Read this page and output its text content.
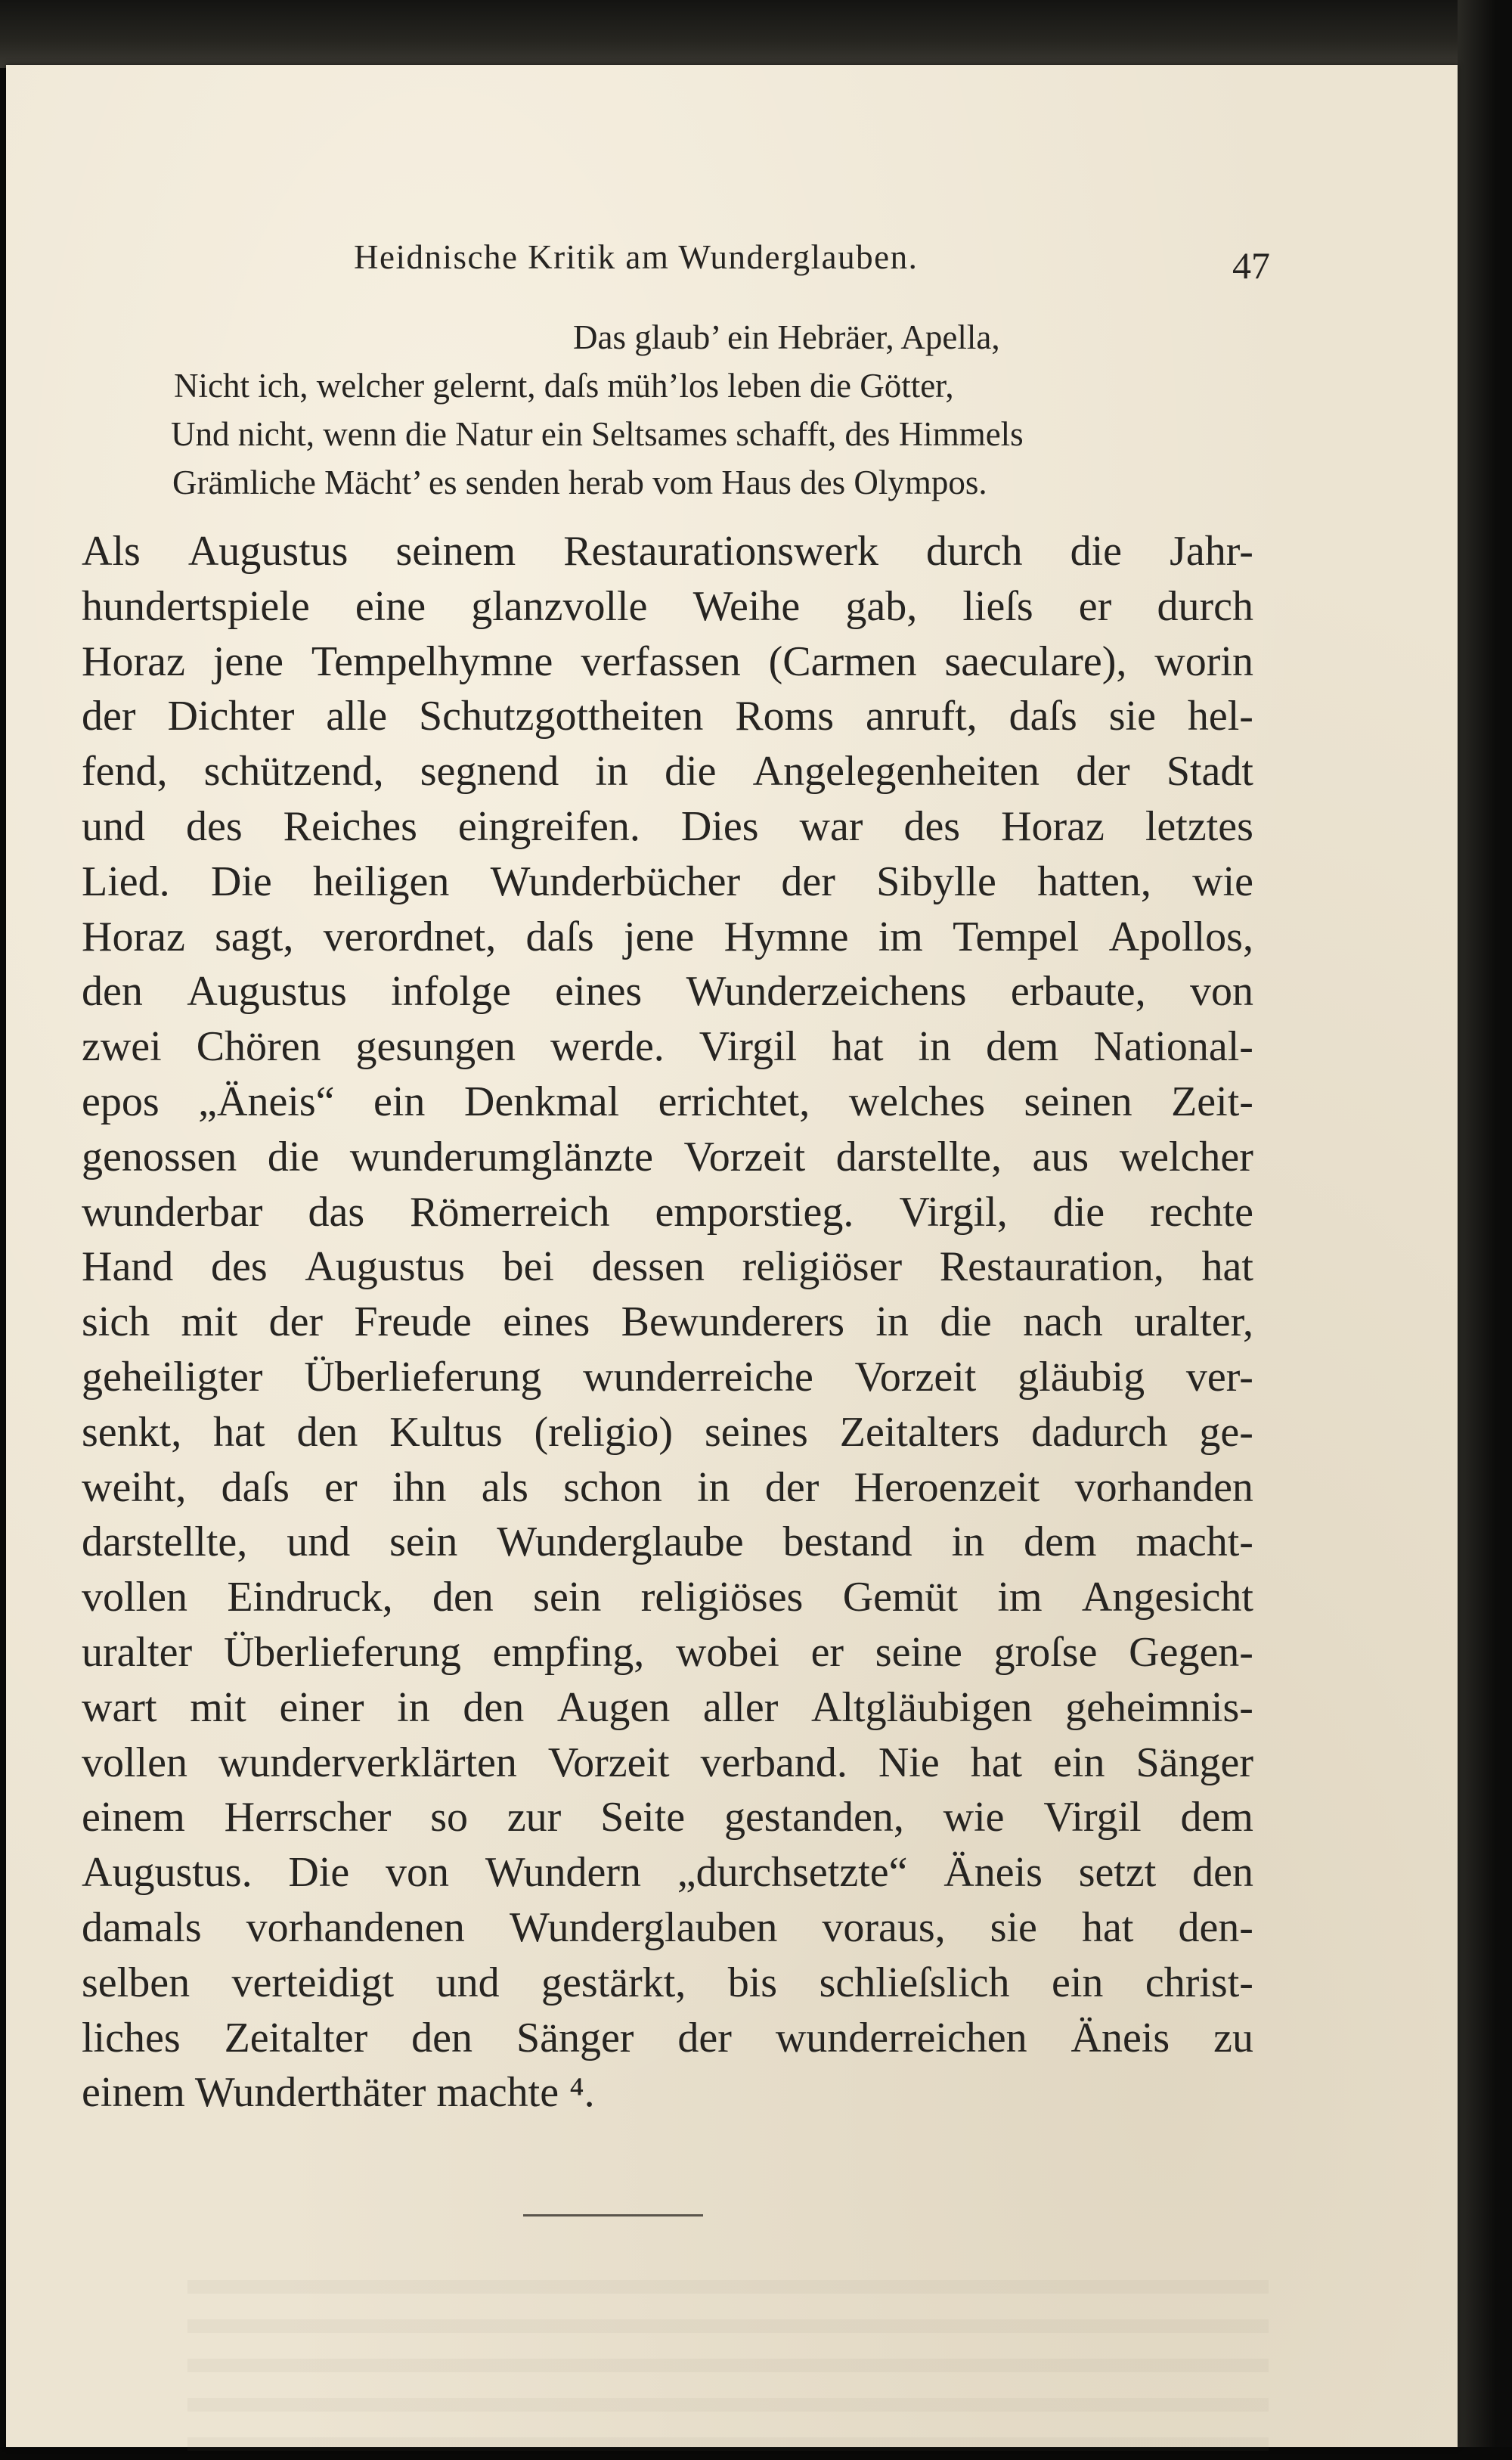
Heidnische Kritik am Wunderglauben.	47
Das glaub’ ein Hebräer, Apella,
Nicht ich, welcher gelernt, daſs müh’los leben die Götter,
Und nicht, wenn die Natur ein Seltsames schafft, des Himmels
Grämliche Mächt’ es senden herab vom Haus des Olympos.
Als Augustus seinem Restaurationswerk durch die Jahr-
hundertspiele eine glanzvolle Weihe gab, lieſs er durch
Horaz jene Tempelhymne verfassen (Carmen saeculare), worin
der Dichter alle Schutzgottheiten Roms anruft, daſs sie hel-
fend, schützend, segnend in die Angelegenheiten der Stadt
und des Reiches eingreifen. Dies war des Horaz letztes
Lied. Die heiligen Wunderbücher der Sibylle hatten, wie
Horaz sagt, verordnet, daſs jene Hymne im Tempel Apollos,
den Augustus infolge eines Wunderzeichens erbaute, von
zwei Chören gesungen werde. Virgil hat in dem National-
epos „Äneis“ ein Denkmal errichtet, welches seinen Zeit-
genossen die wunderumglänzte Vorzeit darstellte, aus welcher
wunderbar das Römerreich emporstieg. Virgil, die rechte
Hand des Augustus bei dessen religiöser Restauration, hat
sich mit der Freude eines Bewunderers in die nach uralter,
geheiligter Überlieferung wunderreiche Vorzeit gläubig ver-
senkt, hat den Kultus (religio) seines Zeitalters dadurch ge-
weiht, daſs er ihn als schon in der Heroenzeit vorhanden
darstellte, und sein Wunderglaube bestand in dem macht-
vollen Eindruck, den sein religiöses Gemüt im Angesicht
uralter Überlieferung empfing, wobei er seine groſse Gegen-
wart mit einer in den Augen aller Altgläubigen geheimnis-
vollen wunderverklärten Vorzeit verband. Nie hat ein Sänger
einem Herrscher so zur Seite gestanden, wie Virgil dem
Augustus. Die von Wundern „durchsetzte“ Äneis setzt den
damals vorhandenen Wunderglauben voraus, sie hat den-
selben verteidigt und gestärkt, bis schlieſslich ein christ-
liches Zeitalter den Sänger der wunderreichen Äneis zu
einem Wunderthäter machte ⁴.
